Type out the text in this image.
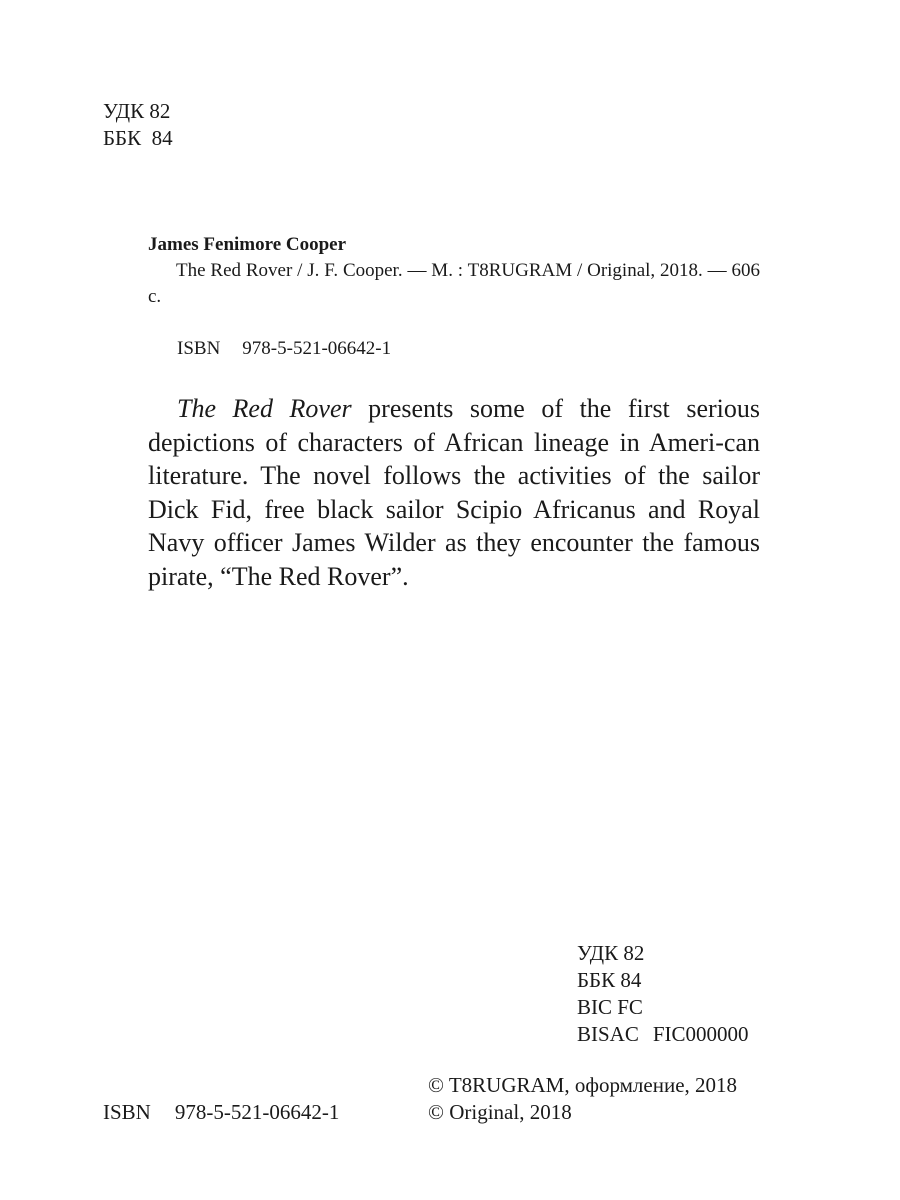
УДК 82
ББК  84
James Fenimore Cooper
The Red Rover / J. F. Cooper. — M. : T8RUGRAM / Original, 2018. — 606 c.
ISBN 978-5-521-06642-1
The Red Rover presents some of the first serious depictions of characters of African lineage in Ameri-can literature. The novel follows the activities of the sailor Dick Fid, free black sailor Scipio Africanus and Royal Navy officer James Wilder as they encounter the famous pirate, “The Red Rover”.
УДК 82
ББК 84
BIC FC
BISAC FIC000000
© T8RUGRAM, оформление, 2018
© Original, 2018
ISBN 978-5-521-06642-1
